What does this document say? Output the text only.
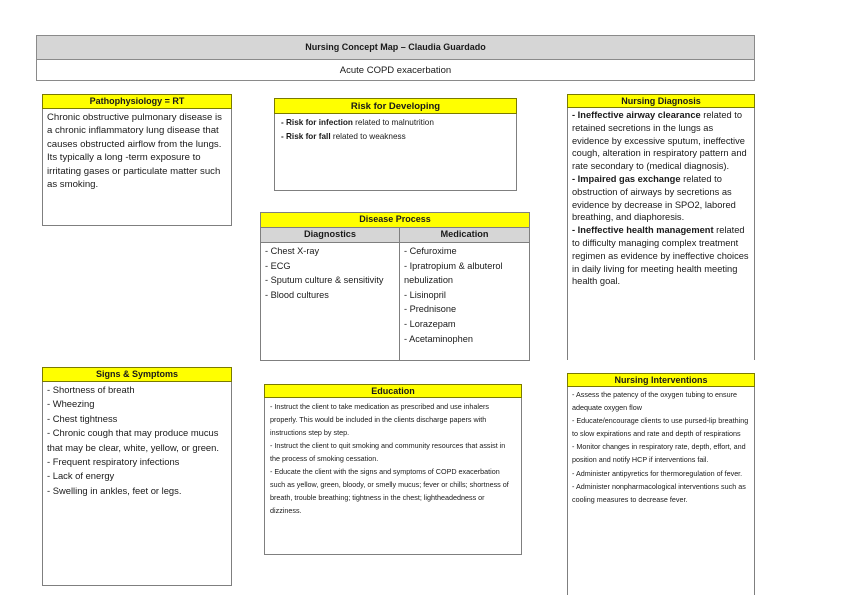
Nursing Concept Map – Claudia Guardado
Acute COPD exacerbation
Pathophysiology = RT
Chronic obstructive pulmonary disease is a chronic inflammatory lung disease that causes obstructed airflow from the lungs. Its typically a long -term exposure to irritating gases or particulate matter such as smoking.
Risk for Developing
- Risk for infection related to malnutrition
- Risk for fall related to weakness
Nursing Diagnosis
- Ineffective airway clearance related to retained secretions in the lungs as evidence by excessive sputum, ineffective cough, alteration in respiratory pattern and rate secondary to (medical diagnosis).
- Impaired gas exchange related to obstruction of airways by secretions as evidence by decrease in SPO2, labored breathing, and diaphoresis.
- Ineffective health management related to difficulty managing complex treatment regimen as evidence by ineffective choices in daily living for meeting health meeting health goal.
Disease Process
Diagnostics
- Chest X-ray
- ECG
- Sputum culture & sensitivity
- Blood cultures
Medication
- Cefuroxime
- Ipratropium & albuterol nebulization
- Lisinopril
- Prednisone
- Lorazepam
- Acetaminophen
Signs & Symptoms
- Shortness of breath
- Wheezing
- Chest tightness
- Chronic cough that may produce mucus that may be clear, white, yellow, or green.
- Frequent respiratory infections
- Lack of energy
- Swelling in ankles, feet or legs.
Education
- Instruct the client to take medication as prescribed and use inhalers properly. This would be included in the clients discharge papers with instructions step by step.
- Instruct the client to quit smoking and community resources that assist in the process of smoking cessation.
- Educate the client with the signs and symptoms of COPD exacerbation such as yellow, green, bloody, or smelly mucus; fever or chills; shortness of breath, trouble breathing; tightness in the chest; lightheadedness or dizziness.
Nursing Interventions
- Assess the patency of the oxygen tubing to ensure adequate oxygen flow
- Educate/encourage clients to use pursed-lip breathing to slow expirations and rate and depth of respirations
- Monitor changes in respiratory rate, depth, effort, and position and notify HCP if interventions fail.
- Administer antipyretics for thermoregulation of fever.
- Administer nonpharmacological interventions such as cooling measures to decrease fever.
